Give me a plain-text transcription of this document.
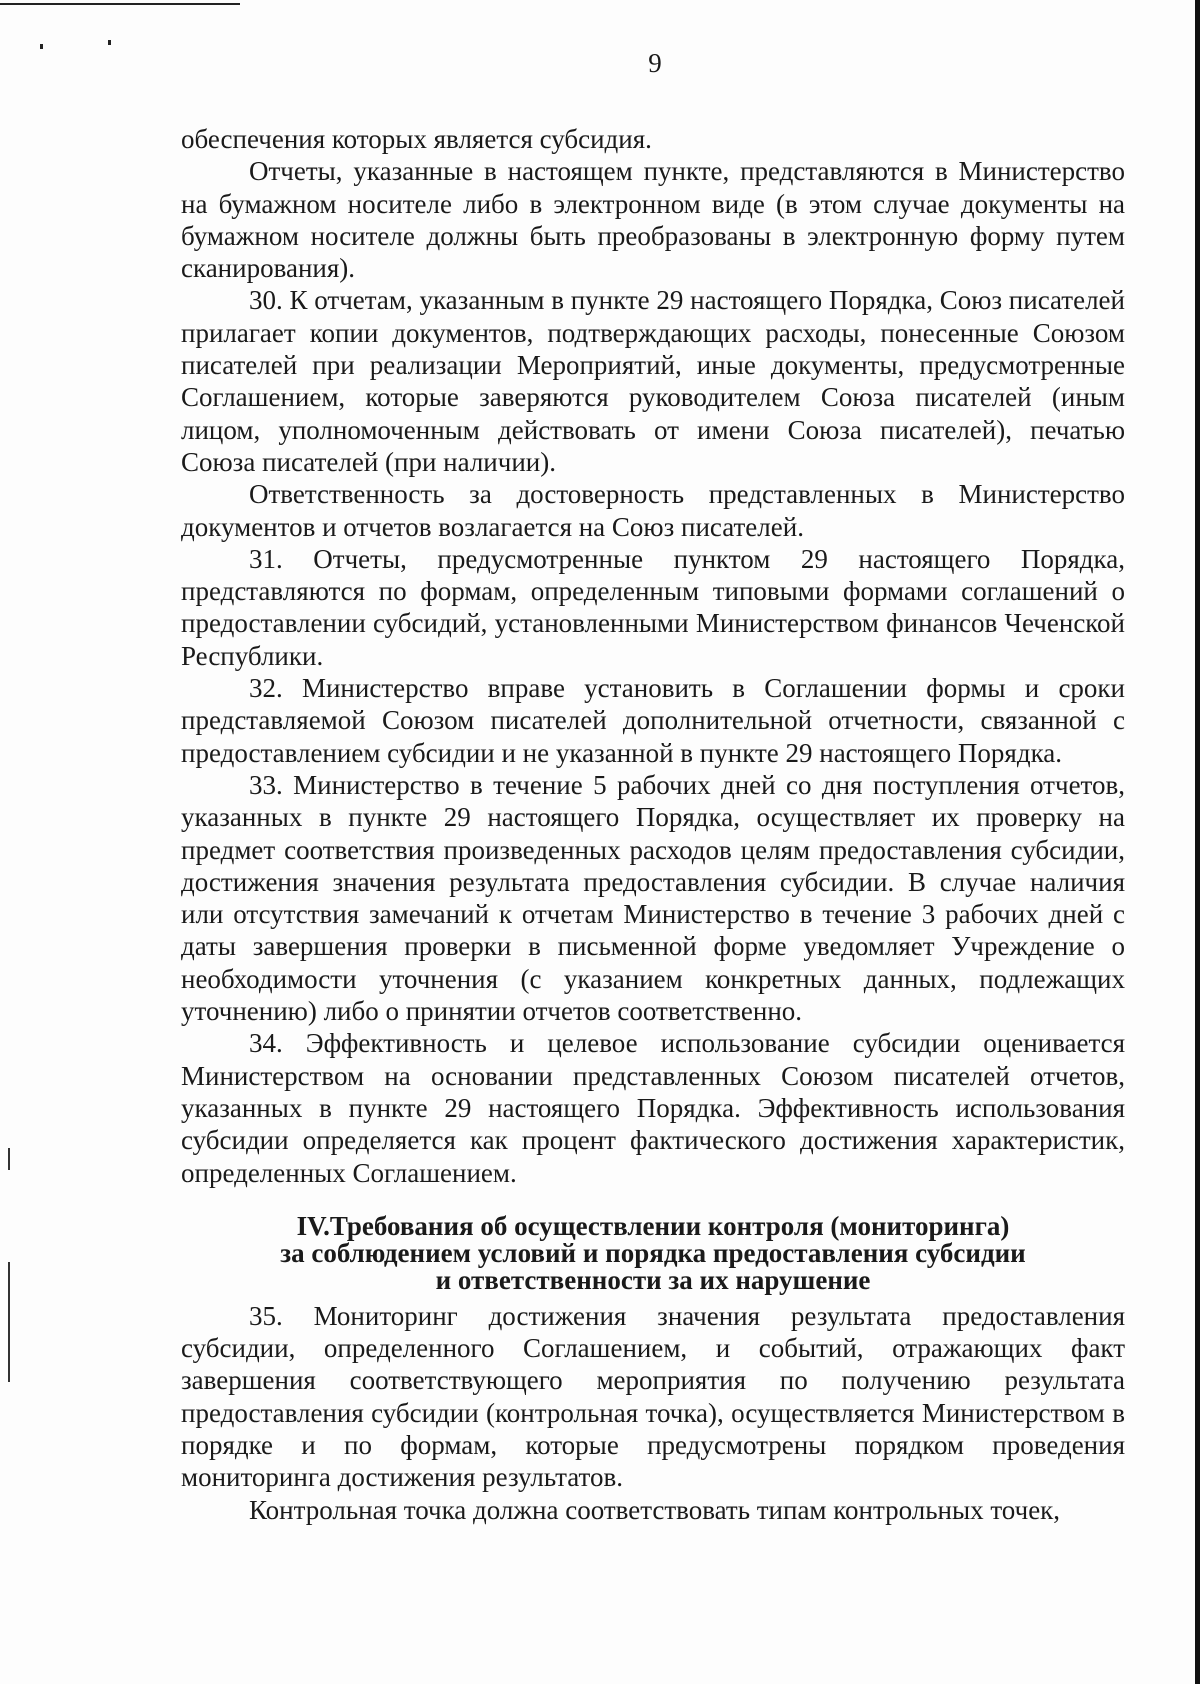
9

обеспечения которых является субсидия.

Отчеты, указанные в настоящем пункте, представляются в Министерство на бумажном носителе либо в электронном виде (в этом случае документы на бумажном носителе должны быть преобразованы в электронную форму путем сканирования).

30. К отчетам, указанным в пункте 29 настоящего Порядка, Союз писателей прилагает копии документов, подтверждающих расходы, понесенные Союзом писателей при реализации Мероприятий, иные документы, предусмотренные Соглашением, которые заверяются руководителем Союза писателей (иным лицом, уполномоченным действовать от имени Союза писателей), печатью Союза писателей (при наличии).

Ответственность за достоверность представленных в Министерство документов и отчетов возлагается на Союз писателей.

31. Отчеты, предусмотренные пунктом 29 настоящего Порядка, представляются по формам, определенным типовыми формами соглашений о предоставлении субсидий, установленными Министерством финансов Чеченской Республики.

32. Министерство вправе установить в Соглашении формы и сроки представляемой Союзом писателей дополнительной отчетности, связанной с предоставлением субсидии и не указанной в пункте 29 настоящего Порядка.

33. Министерство в течение 5 рабочих дней со дня поступления отчетов, указанных в пункте 29 настоящего Порядка, осуществляет их проверку на предмет соответствия произведенных расходов целям предоставления субсидии, достижения значения результата предоставления субсидии. В случае наличия или отсутствия замечаний к отчетам Министерство в течение 3 рабочих дней с даты завершения проверки в письменной форме уведомляет Учреждение о необходимости уточнения (с указанием конкретных данных, подлежащих уточнению) либо о принятии отчетов соответственно.

34. Эффективность и целевое использование субсидии оценивается Министерством на основании представленных Союзом писателей отчетов, указанных в пункте 29 настоящего Порядка. Эффективность использования субсидии определяется как процент фактического достижения характеристик, определенных Соглашением.

IV.Требования об осуществлении контроля (мониторинга)
за соблюдением условий и порядка предоставления субсидии
и ответственности за их нарушение

35. Мониторинг достижения значения результата предоставления субсидии, определенного Соглашением, и событий, отражающих факт завершения соответствующего мероприятия по получению результата предоставления субсидии (контрольная точка), осуществляется Министерством в порядке и по формам, которые предусмотрены порядком проведения мониторинга достижения результатов.

Контрольная точка должна соответствовать типам контрольных точек,
